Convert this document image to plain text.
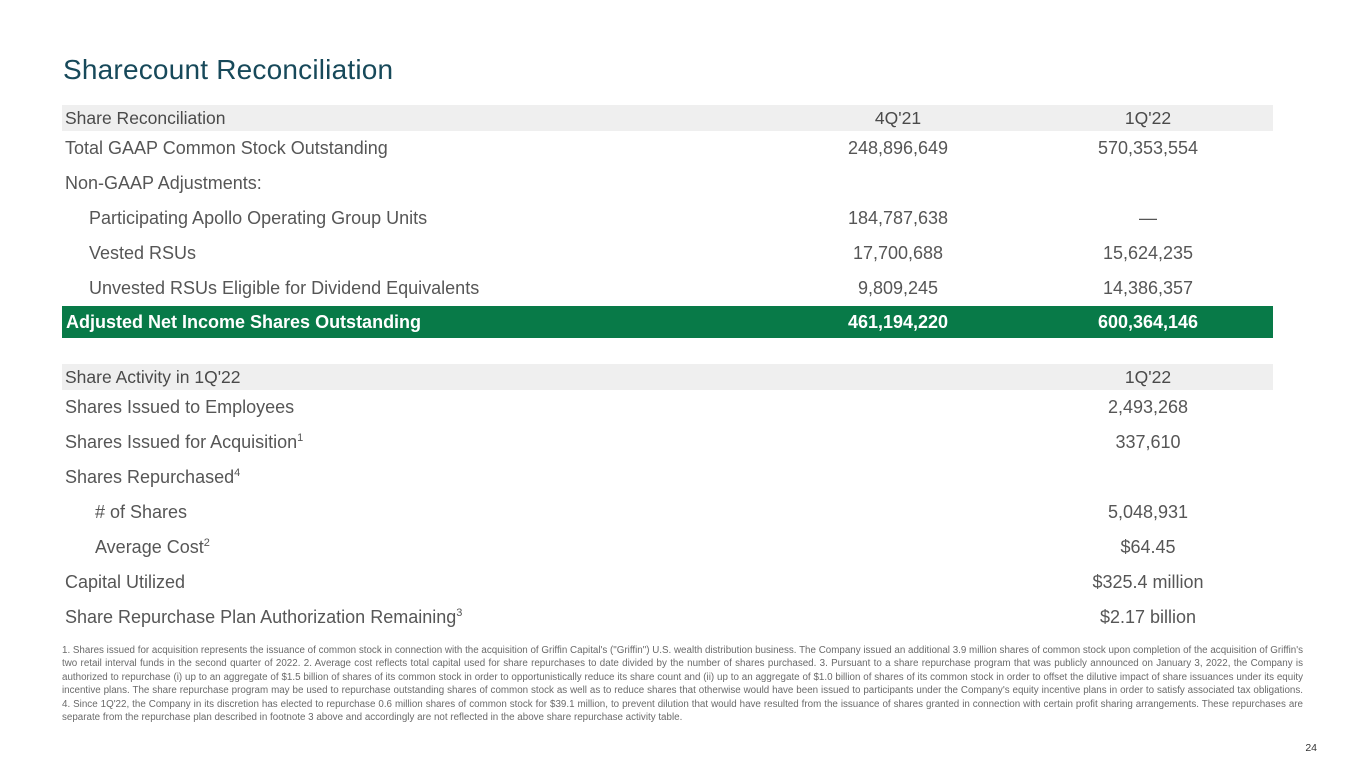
Sharecount Reconciliation
Share Reconciliation	4Q'21	1Q'22
Total GAAP Common Stock Outstanding	248,896,649	570,353,554
Non-GAAP Adjustments:
Participating Apollo Operating Group Units	184,787,638	—
Vested RSUs	17,700,688	15,624,235
Unvested RSUs Eligible for Dividend Equivalents	9,809,245	14,386,357
Adjusted Net Income Shares Outstanding	461,194,220	600,364,146
Share Activity in 1Q'22	1Q'22
Shares Issued to Employees	2,493,268
Shares Issued for Acquisition$^1$	337,610
Shares Repurchased$^4$
# of Shares	5,048,931
Average Cost$^2$	$64.45
Capital Utilized	$325.4 million
Share Repurchase Plan Authorization Remaining$^3$	$2.17 billion
1. Shares issued for acquisition represents the issuance of common stock in connection with the acquisition of Griffin Capital's ("Griffin") U.S. wealth distribution business. The Company issued an additional 3.9 million shares of common stock upon completion of the acquisition of Griffin's two retail interval funds in the second quarter of 2022. 2. Average cost reflects total capital used for share repurchases to date divided by the number of shares purchased. 3. Pursuant to a share repurchase program that was publicly announced on January 3, 2022, the Company is authorized to repurchase (i) up to an aggregate of $1.5 billion of shares of its common stock in order to opportunistically reduce its share count and (ii) up to an aggregate of $1.0 billion of shares of its common stock in order to offset the dilutive impact of share issuances under its equity incentive plans. The share repurchase program may be used to repurchase outstanding shares of common stock as well as to reduce shares that otherwise would have been issued to participants under the Company's equity incentive plans in order to satisfy associated tax obligations. 4. Since 1Q'22, the Company in its discretion has elected to repurchase 0.6 million shares of common stock for $39.1 million, to prevent dilution that would have resulted from the issuance of shares granted in connection with certain profit sharing arrangements. These repurchases are separate from the repurchase plan described in footnote 3 above and accordingly are not reflected in the above share repurchase activity table.
24
